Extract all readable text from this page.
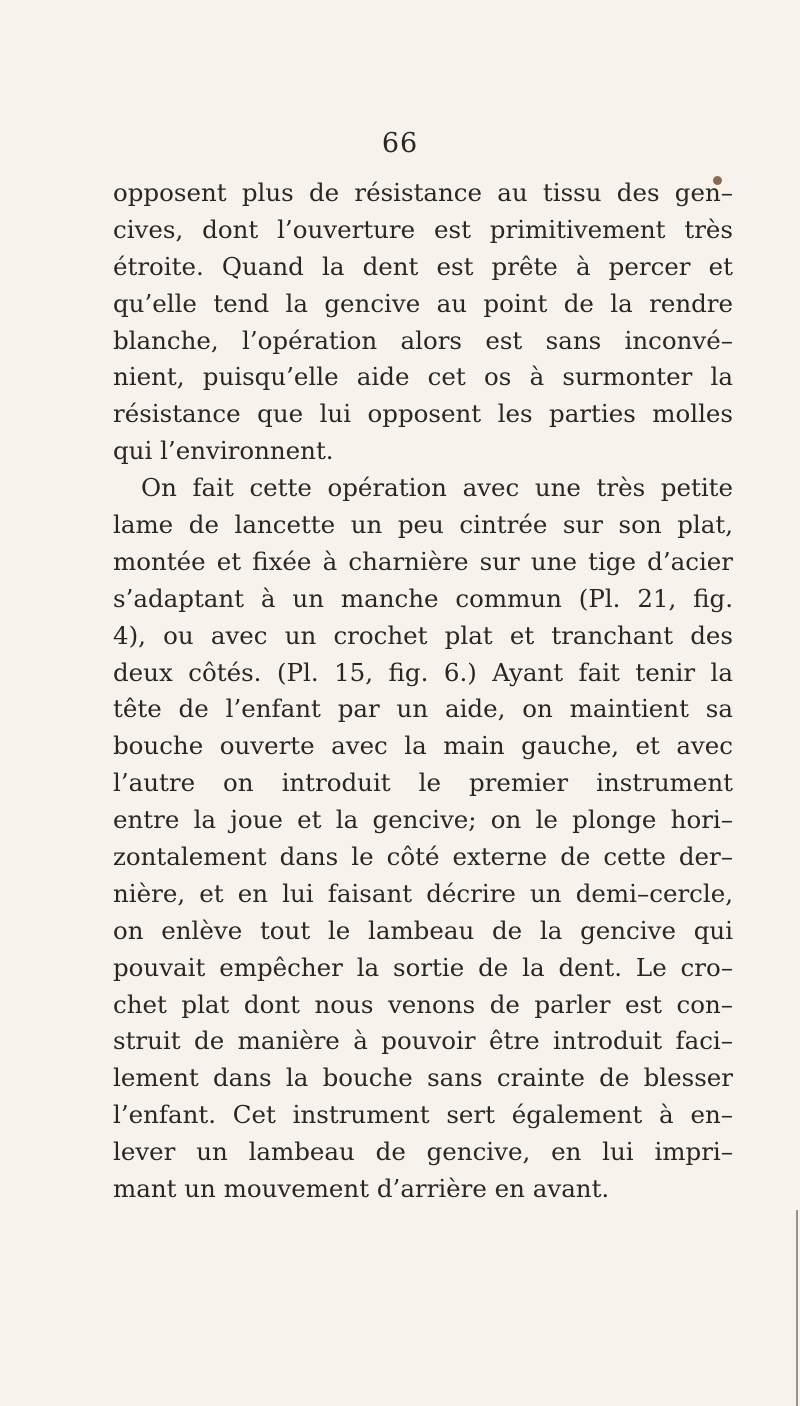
66
opposent plus de résistance au tissu des gen–
cives, dont l’ouverture est primitivement très
étroite. Quand la dent est prête à percer et
qu’elle tend la gencive au point de la rendre
blanche, l’opération alors est sans inconvé–
nient, puisqu’elle aide cet os à surmonter la
résistance que lui opposent les parties molles
qui l’environnent.
On fait cette opération avec une très petite
lame de lancette un peu cintrée sur son plat,
montée et fixée à charnière sur une tige d’acier
s’adaptant à un manche commun (Pl. 21, fig.
4), ou avec un crochet plat et tranchant des
deux côtés. (Pl. 15, fig. 6.) Ayant fait tenir la
tête de l’enfant par un aide, on maintient sa
bouche ouverte avec la main gauche, et avec
l’autre on introduit le premier instrument
entre la joue et la gencive; on le plonge hori–
zontalement dans le côté externe de cette der–
nière, et en lui faisant décrire un demi–cercle,
on enlève tout le lambeau de la gencive qui
pouvait empêcher la sortie de la dent. Le cro–
chet plat dont nous venons de parler est con–
struit de manière à pouvoir être introduit faci–
lement dans la bouche sans crainte de blesser
l’enfant. Cet instrument sert également à en–
lever un lambeau de gencive, en lui impri–
mant un mouvement d’arrière en avant.
